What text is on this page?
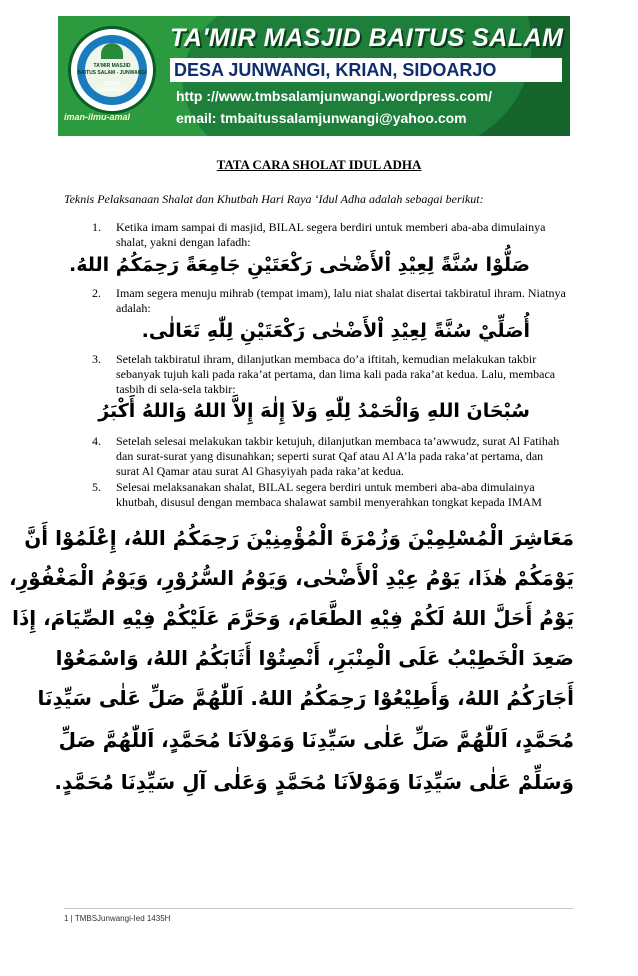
TA'MIR MASJID
BAITUS SALAM - JUNWANGI
KRIAN
SIDOARJO
iman-ilmu-amal
TA'MIR MASJID BAITUS SALAM
DESA JUNWANGI, KRIAN, SIDOARJO
http ://www.tmbsalamjunwangi.wordpress.com/
email: tmbaitussalamjunwangi@yahoo.com
TATA CARA SHOLAT IDUL ADHA
Teknis Pelaksanaan Shalat dan Khutbah Hari Raya ‘Idul Adha adalah sebagai berikut:
1. Ketika imam sampai di masjid, BILAL segera berdiri untuk memberi aba-aba dimulainya shalat, yakni dengan lafadh:
صَلُّوْا سُنَّةً لِعِيْدِ اْلأَضْحٰى رَكْعَتَيْنِ جَامِعَةً رَحِمَكُمُ اللهُ.
2. Imam segera menuju mihrab (tempat imam), lalu niat shalat disertai takbiratul ihram. Niatnya adalah:
أُصَلِّيْ سُنَّةً لِعِيْدِ اْلأَضْحٰى رَكْعَتَيْنِ لِلّٰهِ تَعَالٰى.
3. Setelah takbiratul ihram, dilanjutkan membaca do’a iftitah, kemudian melakukan takbir sebanyak tujuh kali pada raka’at pertama, dan lima kali pada raka’at kedua. Lalu, membaca tasbih di sela-sela takbir:
سُبْحَانَ اللهِ وَالْحَمْدُ لِلّٰهِ وَلاَ إِلٰهَ إِلاَّ اللهُ وَاللهُ أَكْبَرُ
4. Setelah selesai melakukan takbir ketujuh, dilanjutkan membaca ta’awwudz, surat Al Fatihah dan surat-surat yang disunahkan; seperti surat Qaf atau Al A’la pada raka’at pertama, dan surat Al Qamar atau surat Al Ghasyiyah pada raka’at kedua.
5. Selesai melaksanakan shalat, BILAL segera berdiri untuk memberi aba-aba dimulainya khutbah, disusul dengan membaca shalawat sambil menyerahkan tongkat kepada IMAM
مَعَاشِرَ الْمُسْلِمِيْنَ وَزُمْرَةَ الْمُؤْمِنِيْنَ رَحِمَكُمُ اللهُ، إِعْلَمُوْا أَنَّ
يَوْمَكُمْ هٰذَا، يَوْمُ عِيْدِ اْلأَضْحٰى، وَيَوْمُ السُّرُوْرِ، وَيَوْمُ الْمَغْفُوْرِ،
يَوْمُ أَحَلَّ اللهُ لَكُمْ فِيْهِ الطَّعَامَ، وَحَرَّمَ عَلَيْكُمْ فِيْهِ الصِّيَامَ، إِذَا
صَعِدَ الْخَطِيْبُ عَلَى الْمِنْبَرِ، أَنْصِتُوْا أَثَابَكُمُ اللهُ، وَاسْمَعُوْا
أَجَارَكُمُ اللهُ، وَأَطِيْعُوْا رَحِمَكُمُ اللهُ. اَللّٰهُمَّ صَلِّ عَلٰى سَيِّدِنَا
مُحَمَّدٍ، اَللّٰهُمَّ صَلِّ عَلٰى سَيِّدِنَا وَمَوْلاَنَا مُحَمَّدٍ، اَللّٰهُمَّ صَلِّ
وَسَلِّمْ عَلٰى سَيِّدِنَا وَمَوْلاَنَا مُحَمَّدٍ وَعَلٰى آلِ سَيِّدِنَا مُحَمَّدٍ.
1 | TMBSJunwangi-Ied 1435H
